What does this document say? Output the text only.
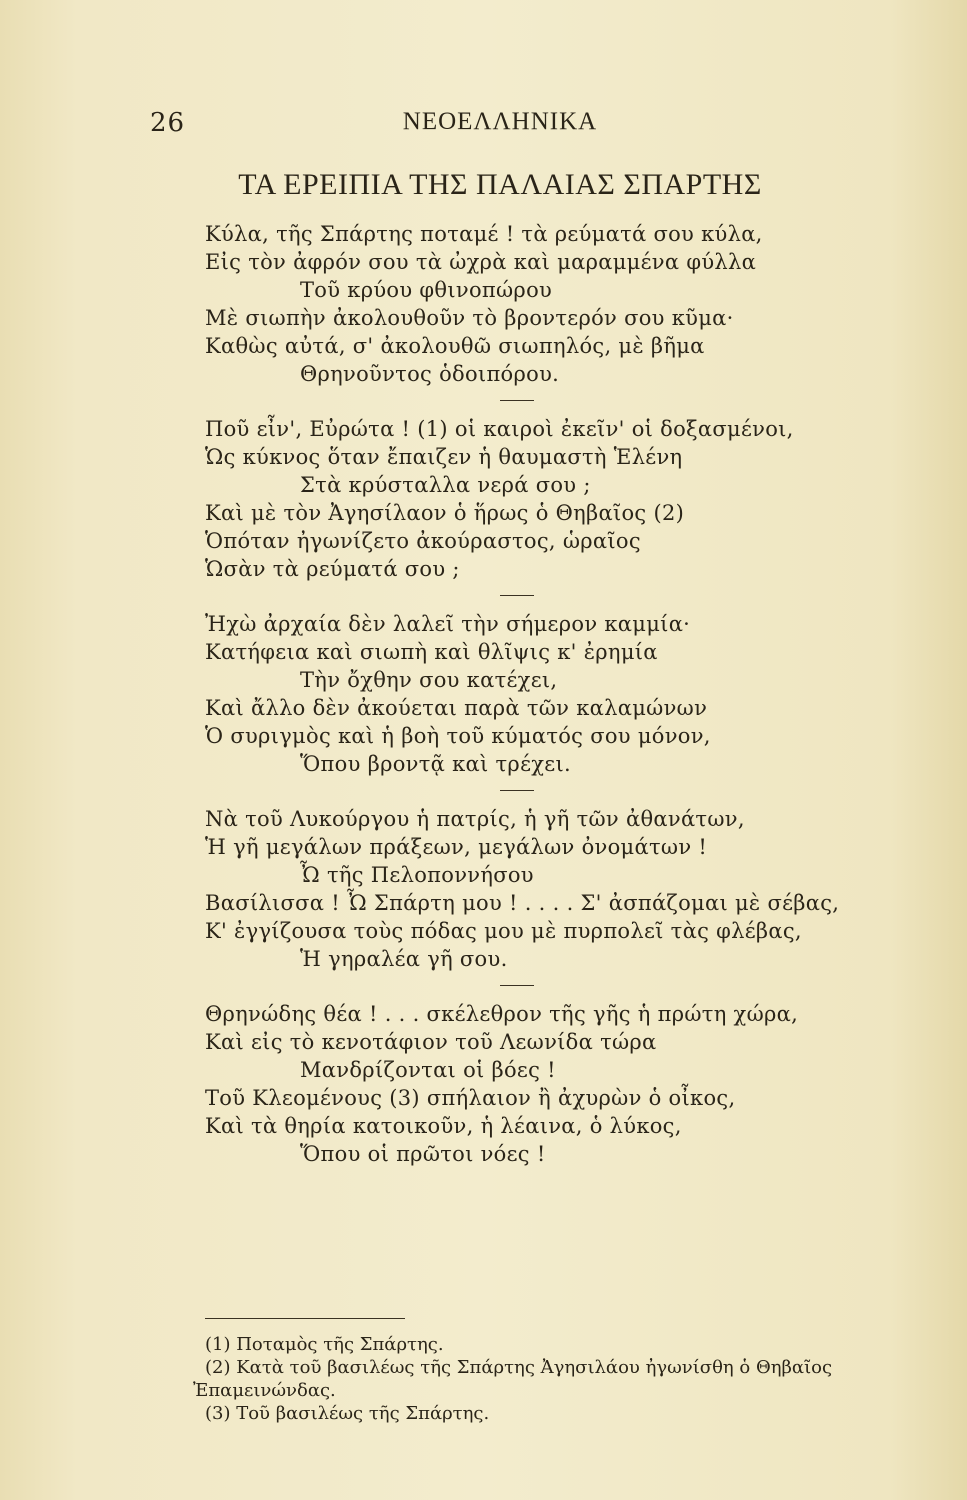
26	ΝΕΟΕΛΛΗΝΙΚΑ
ΤΑ ΕΡΕΙΠΙΑ ΤΗΣ ΠΑΛΑΙΑΣ ΣΠΑΡΤΗΣ
Κύλα, τῆς Σπάρτης ποταμέ ! τὰ ρεύματά σου κύλα,
Εἰς τὸν ἀφρόν σου τὰ ὠχρὰ καὶ μαραμμένα φύλλα
Τοῦ κρύου φθινοπώρου
Μὲ σιωπὴν ἀκολουθοῦν τὸ βροντερόν σου κῦμα·
Καθὼς αὐτά, σ' ἀκολουθῶ σιωπηλός, μὲ βῆμα
Θρηνοῦντος ὁδοιπόρου.
Ποῦ εἶν', Εὐρώτα ! (1) οἱ καιροὶ ἐκεῖν' οἱ δοξασμένοι,
Ὡς κύκνος ὅταν ἔπαιζεν ἡ θαυμαστὴ Ἑλένη
Στὰ κρύσταλλα νερά σου ;
Καὶ μὲ τὸν Ἀγησίλαον ὁ ἥρως ὁ Θηβαῖος (2)
Ὁπόταν ἠγωνίζετο ἀκούραστος, ὡραῖος
Ὡσὰν τὰ ρεύματά σου ;
Ἠχὼ ἀρχαία δὲν λαλεῖ τὴν σήμερον καμμία·
Κατήφεια καὶ σιωπὴ καὶ θλῖψις κ' ἐρημία
Τὴν ὄχθην σου κατέχει,
Καὶ ἄλλο δὲν ἀκούεται παρὰ τῶν καλαμώνων
Ὁ συριγμὸς καὶ ἡ βοὴ τοῦ κύματός σου μόνον,
Ὅπου βροντᾷ καὶ τρέχει.
Νὰ τοῦ Λυκούργου ἡ πατρίς, ἡ γῆ τῶν ἀθανάτων,
Ἡ γῆ μεγάλων πράξεων, μεγάλων ὀνομάτων !
Ὦ τῆς Πελοποννήσου
Βασίλισσα ! Ὦ Σπάρτη μου ! . . . . Σ' ἀσπάζομαι μὲ σέβας,
Κ' ἐγγίζουσα τοὺς πόδας μου μὲ πυρπολεῖ τὰς φλέβας,
Ἡ γηραλέα γῆ σου.
Θρηνώδης θέα ! . . . σκέλεθρον τῆς γῆς ἡ πρώτη χώρα,
Καὶ εἰς τὸ κενοτάφιον τοῦ Λεωνίδα τώρα
Μανδρίζονται οἱ βόες !
Τοῦ Κλεομένους (3) σπήλαιον ἢ ἀχυρὼν ὁ οἶκος,
Καὶ τὰ θηρία κατοικοῦν, ἡ λέαινα, ὁ λύκος,
Ὅπου οἱ πρῶτοι νόες !
(1) Ποταμὸς τῆς Σπάρτης.
(2) Κατὰ τοῦ βασιλέως τῆς Σπάρτης Ἀγησιλάου ἠγωνίσθη ὁ Θηβαῖος
Ἐπαμεινώνδας.
(3) Τοῦ βασιλέως τῆς Σπάρτης.
